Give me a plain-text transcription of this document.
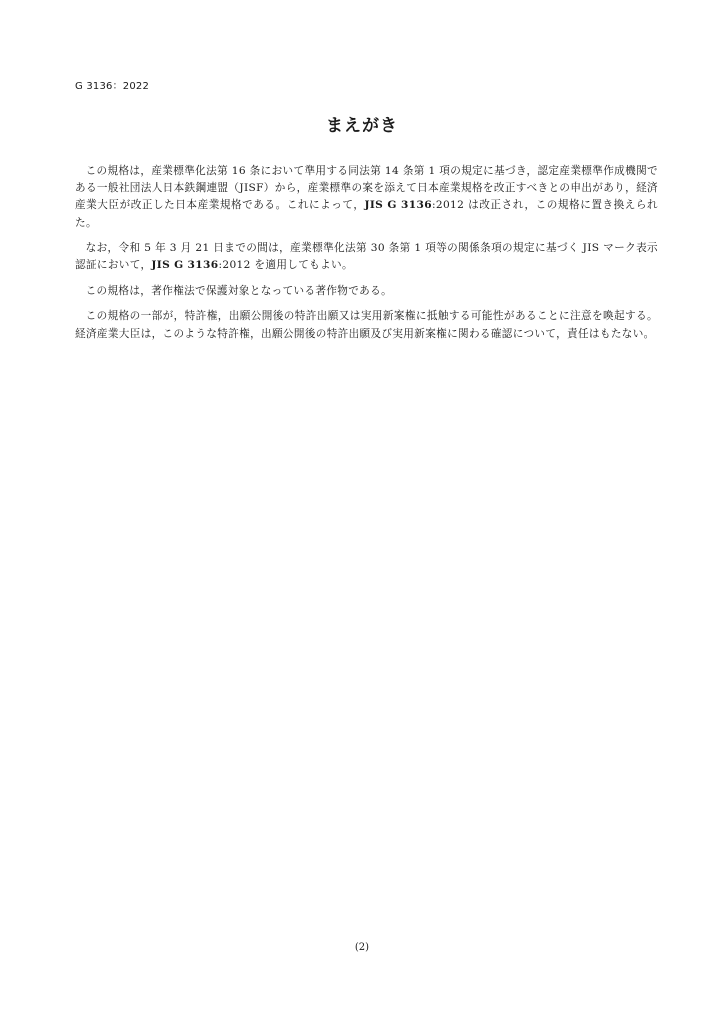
G 3136：2022
まえがき

この規格は，産業標準化法第 16 条において準用する同法第 14 条第 1 項の規定に基づき，認定産業標準作成機関である一般社団法人日本鉄鋼連盟（JISF）から，産業標準の案を添えて日本産業規格を改正すべきとの申出があり，経済産業大臣が改正した日本産業規格である。これによって，JIS G 3136:2012 は改正され，この規格に置き換えられた。

なお，令和 5 年 3 月 21 日までの間は，産業標準化法第 30 条第 1 項等の関係条項の規定に基づく JIS マーク表示認証において，JIS G 3136:2012 を適用してもよい。

この規格は，著作権法で保護対象となっている著作物である。

この規格の一部が，特許権，出願公開後の特許出願又は実用新案権に抵触する可能性があることに注意を喚起する。経済産業大臣は，このような特許権，出願公開後の特許出願及び実用新案権に関わる確認について，責任はもたない。

(2)
